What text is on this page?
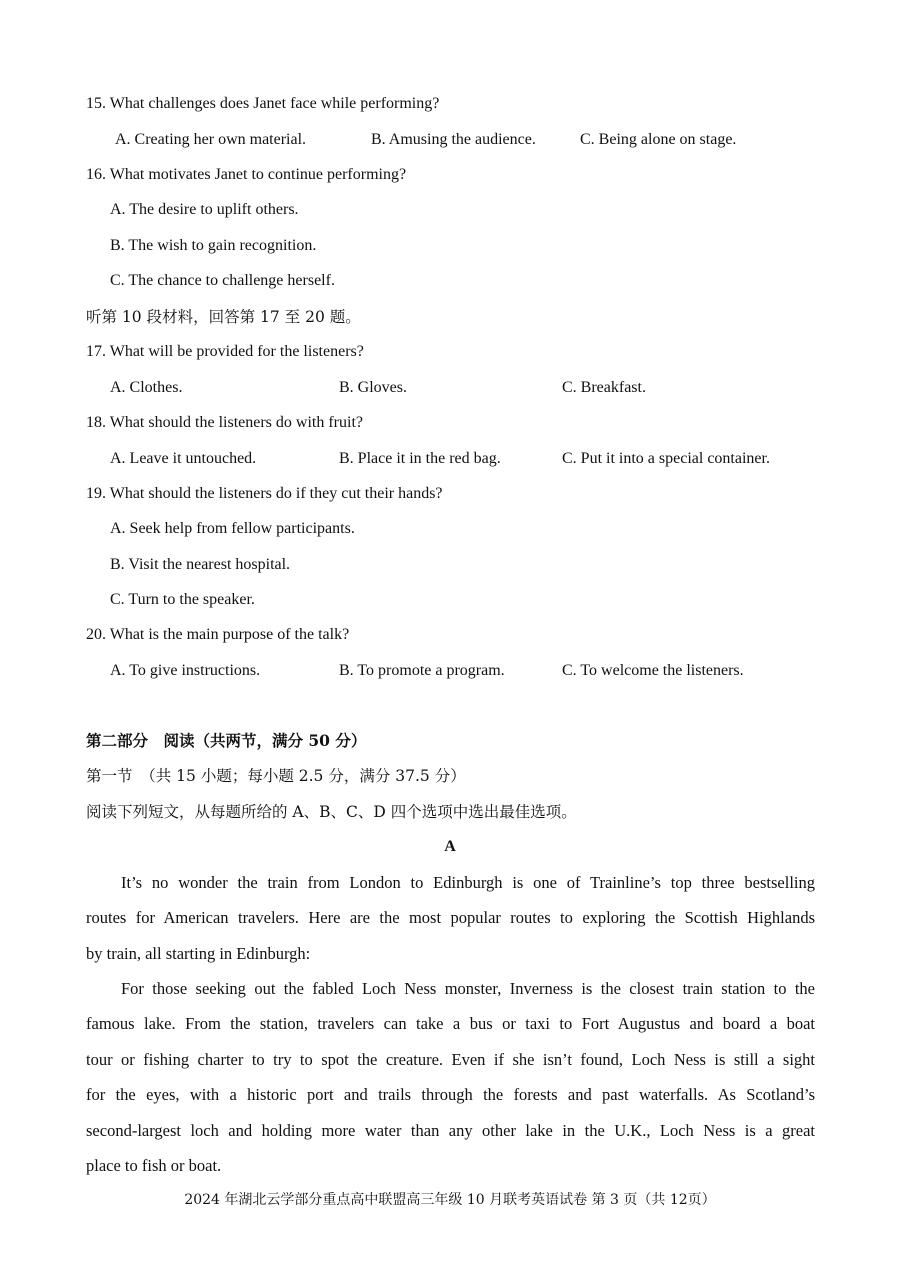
15. What challenges does Janet face while performing?
A. Creating her own material.	B. Amusing the audience.	C. Being alone on stage.
16. What motivates Janet to continue performing?
A. The desire to uplift others.
B. The wish to gain recognition.
C. The chance to challenge herself.
听第 10 段材料，回答第 17 至 20 题。
17. What will be provided for the listeners?
A. Clothes.	B. Gloves.	C. Breakfast.
18. What should the listeners do with fruit?
A. Leave it untouched.	B. Place it in the red bag.	C. Put it into a special container.
19. What should the listeners do if they cut their hands?
A. Seek help from fellow participants.
B. Visit the nearest hospital.
C. Turn to the speaker.
20. What is the main purpose of the talk?
A. To give instructions.	B. To promote a program.	C. To welcome the listeners.
第二部分　阅读（共两节，满分 50 分）
第一节　（共 15 小题；每小题 2.5 分，满分 37.5 分）
阅读下列短文，从每题所给的 A、B、C、D 四个选项中选出最佳选项。
A
It’s no wonder the train from London to Edinburgh is one of Trainline’s top three bestselling
routes for American travelers. Here are the most popular routes to exploring the Scottish Highlands
by train, all starting in Edinburgh:
For those seeking out the fabled Loch Ness monster, Inverness is the closest train station to the
famous lake. From the station, travelers can take a bus or taxi to Fort Augustus and board a boat
tour or fishing charter to try to spot the creature. Even if she isn’t found, Loch Ness is still a sight
for the eyes, with a historic port and trails through the forests and past waterfalls. As Scotland’s
second-largest loch and holding more water than any other lake in the U.K., Loch Ness is a great
place to fish or boat.
2024 年湖北云学部分重点高中联盟高三年级 10 月联考英语试卷 第 3 页（共 12页）
